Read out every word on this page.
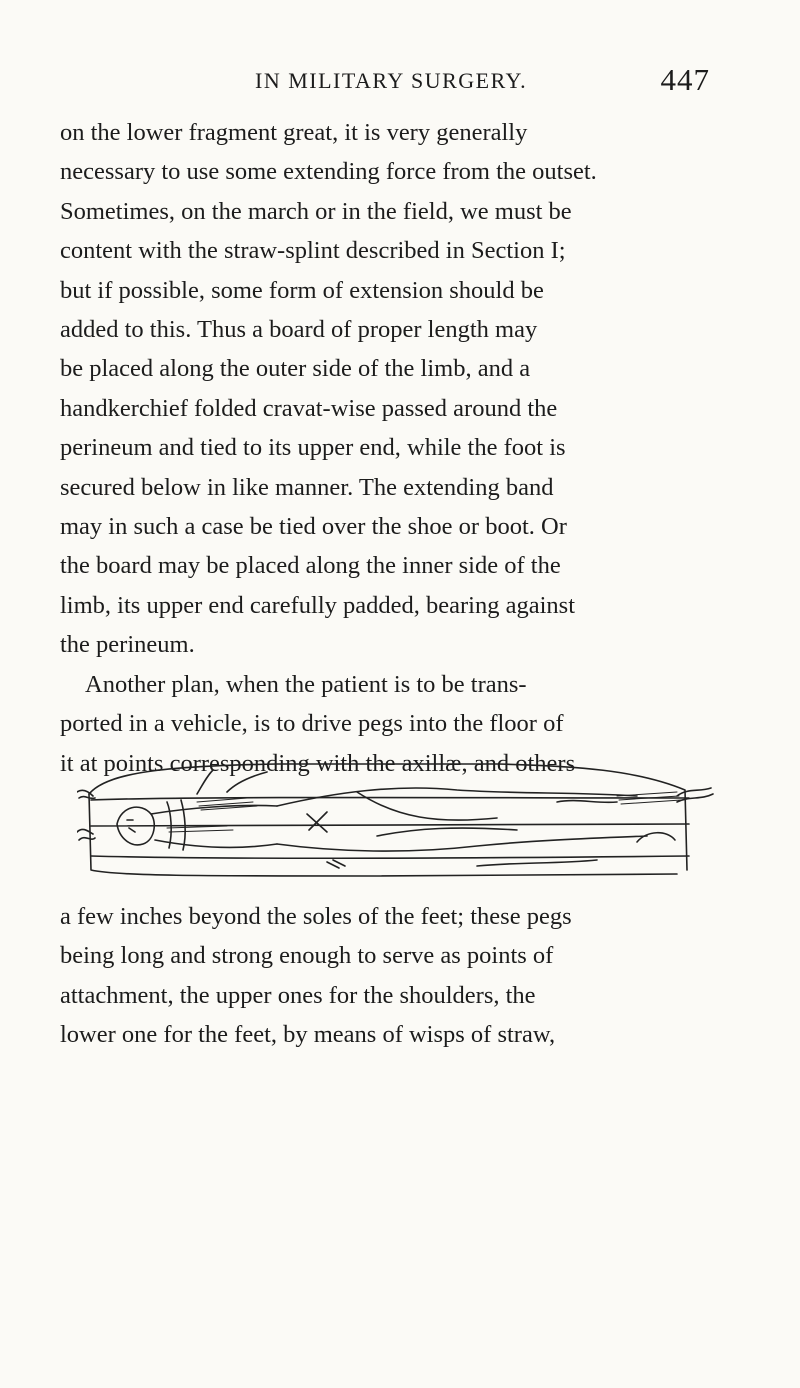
IN MILITARY SURGERY.	447

on the lower fragment great, it is very generally
necessary to use some extending force from the outset.
Sometimes, on the march or in the field, we must be
content with the straw-splint described in Section I;
but if possible, some form of extension should be
added to this. Thus a board of proper length may
be placed along the outer side of the limb, and a
handkerchief folded cravat-wise passed around the
perineum and tied to its upper end, while the foot is
secured below in like manner. The extending band
may in such a case be tied over the shoe or boot. Or
the board may be placed along the inner side of the
limb, its upper end carefully padded, bearing against
the perineum.

Another plan, when the patient is to be trans-
ported in a vehicle, is to drive pegs into the floor of
it at points corresponding with the axillæ, and others

a few inches beyond the soles of the feet; these pegs
being long and strong enough to serve as points of
attachment, the upper ones for the shoulders, the
lower one for the feet, by means of wisps of straw,
